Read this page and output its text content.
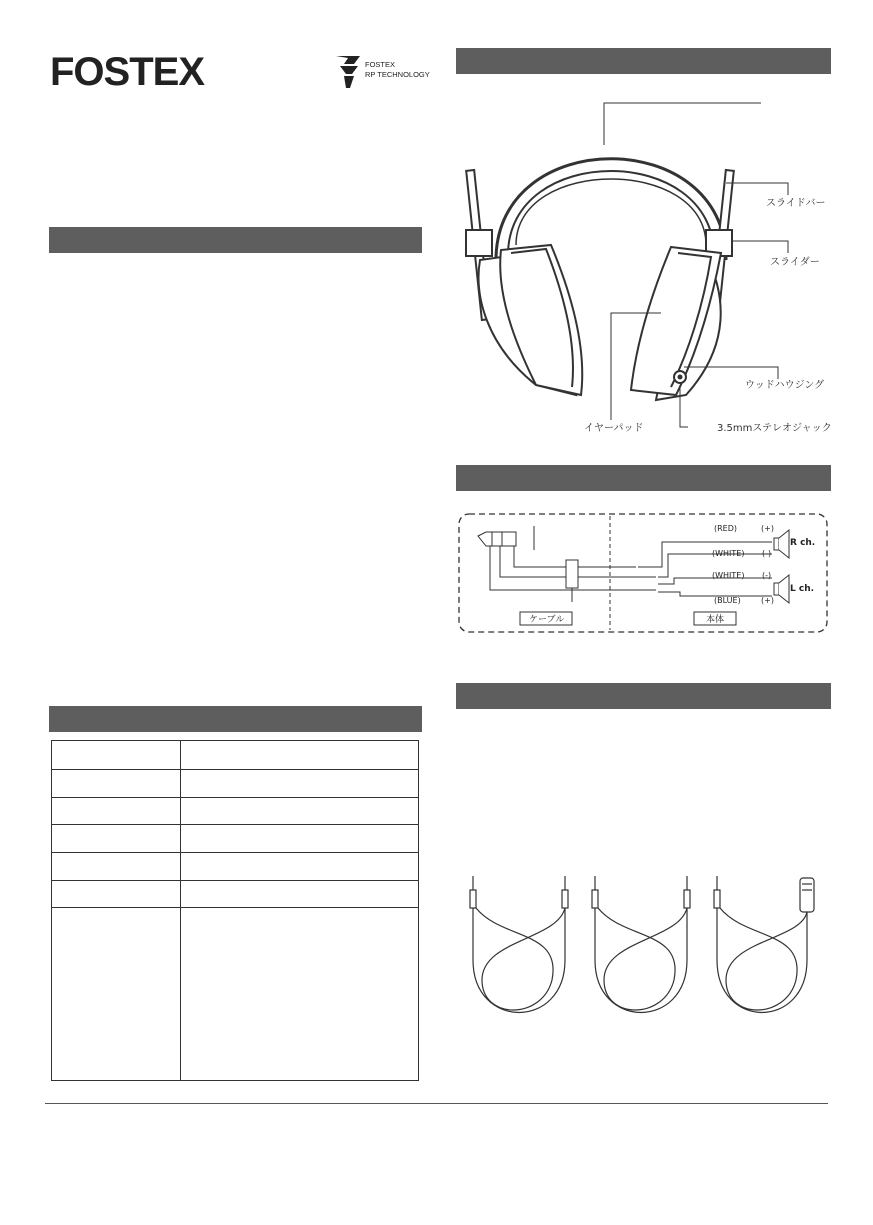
FOSTEX	FOSTEX
RP TECHNOLOGY

スライドバー
スライダー
ウッドハウジング
イヤーパッド	3.5mmステレオジャック
(RED)
(WHITE)
(WHITE)
(BLUE)
(+)
(-)
(-)
(+)
R ch.
L ch.
ケーブル	本体
